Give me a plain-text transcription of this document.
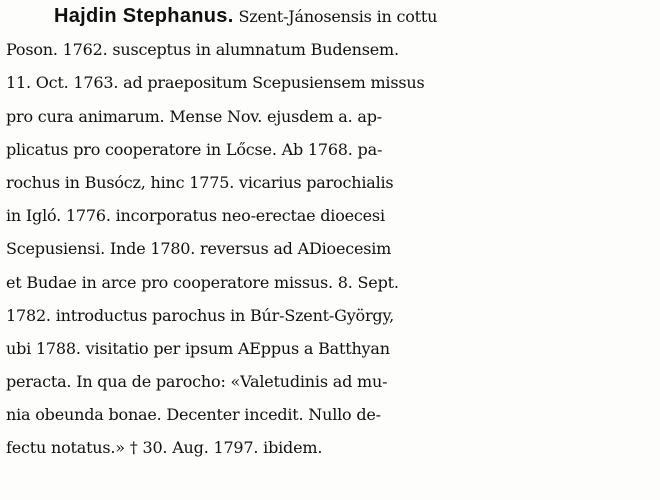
Hajdin Stephanus. Szent-Jánosensis in cottu
Poson. 1762. susceptus in alumnatum Budensem.
11. Oct. 1763. ad praepositum Scepusiensem missus
pro cura animarum. Mense Nov. ejusdem a. ap-
plicatus pro cooperatore in Lőcse. Ab 1768. pa-
rochus in Busócz, hinc 1775. vicarius parochialis
in Igló. 1776. incorporatus neo-erectae dioecesi
Scepusiensi. Inde 1780. reversus ad ADioecesim
et Budae in arce pro cooperatore missus. 8. Sept.
1782. introductus parochus in Búr-Szent-György,
ubi 1788. visitatio per ipsum AEppus a Batthyan
peracta. In qua de parocho: «Valetudinis ad mu-
nia obeunda bonae. Decenter incedit. Nullo de-
fectu notatus.» † 30. Aug. 1797. ibidem.
